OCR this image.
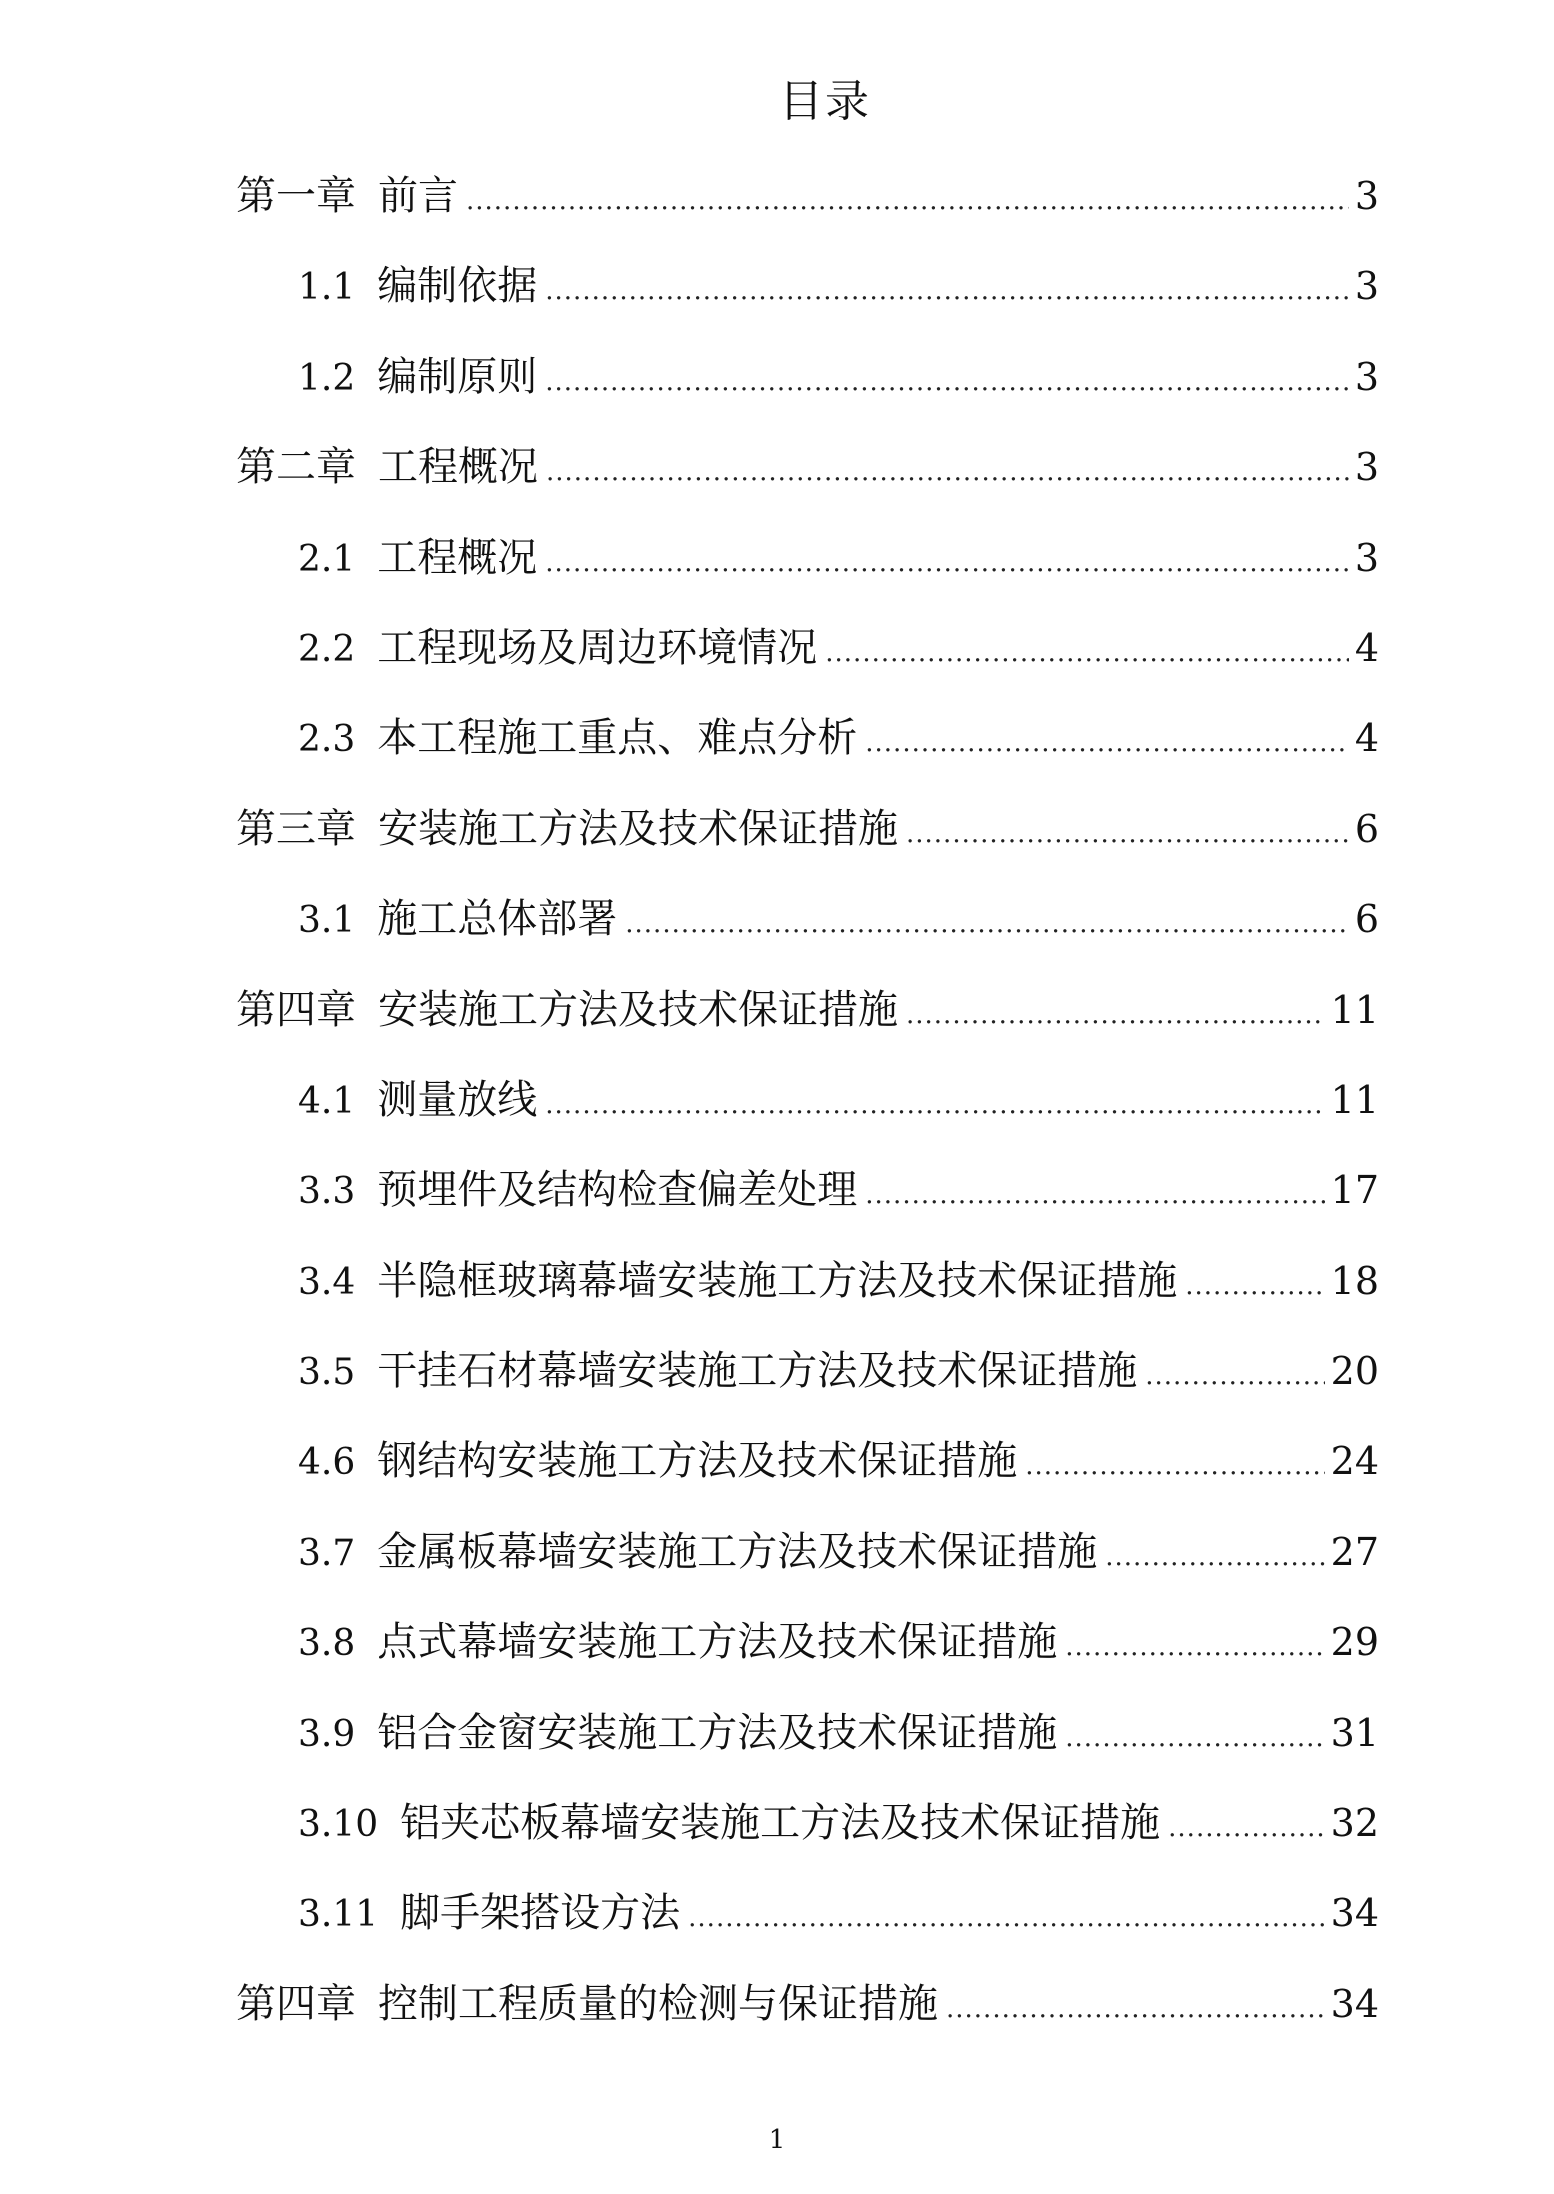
目录
第一章 前言 .....	3
1.1 编制依据 .....	3
1.2 编制原则 .....	3
第二章 工程概况 .....	3
2.1 工程概况 .....	3
2.2 工程现场及周边环境情况 .....	4
2.3 本工程施工重点、难点分析 .....	4
第三章 安装施工方法及技术保证措施 .....	6
3.1 施工总体部署 .....	6
第四章 安装施工方法及技术保证措施 .....	11
4.1 测量放线 .....	11
3.3 预埋件及结构检查偏差处理 .....	17
3.4 半隐框玻璃幕墙安装施工方法及技术保证措施 .....	18
3.5 干挂石材幕墙安装施工方法及技术保证措施 .....	20
4.6 钢结构安装施工方法及技术保证措施 .....	24
3.7 金属板幕墙安装施工方法及技术保证措施 .....	27
3.8 点式幕墙安装施工方法及技术保证措施 .....	29
3.9 铝合金窗安装施工方法及技术保证措施 .....	31
3.10 铝夹芯板幕墙安装施工方法及技术保证措施 .....	32
3.11 脚手架搭设方法 .....	34
第四章 控制工程质量的检测与保证措施 .....	34
1
